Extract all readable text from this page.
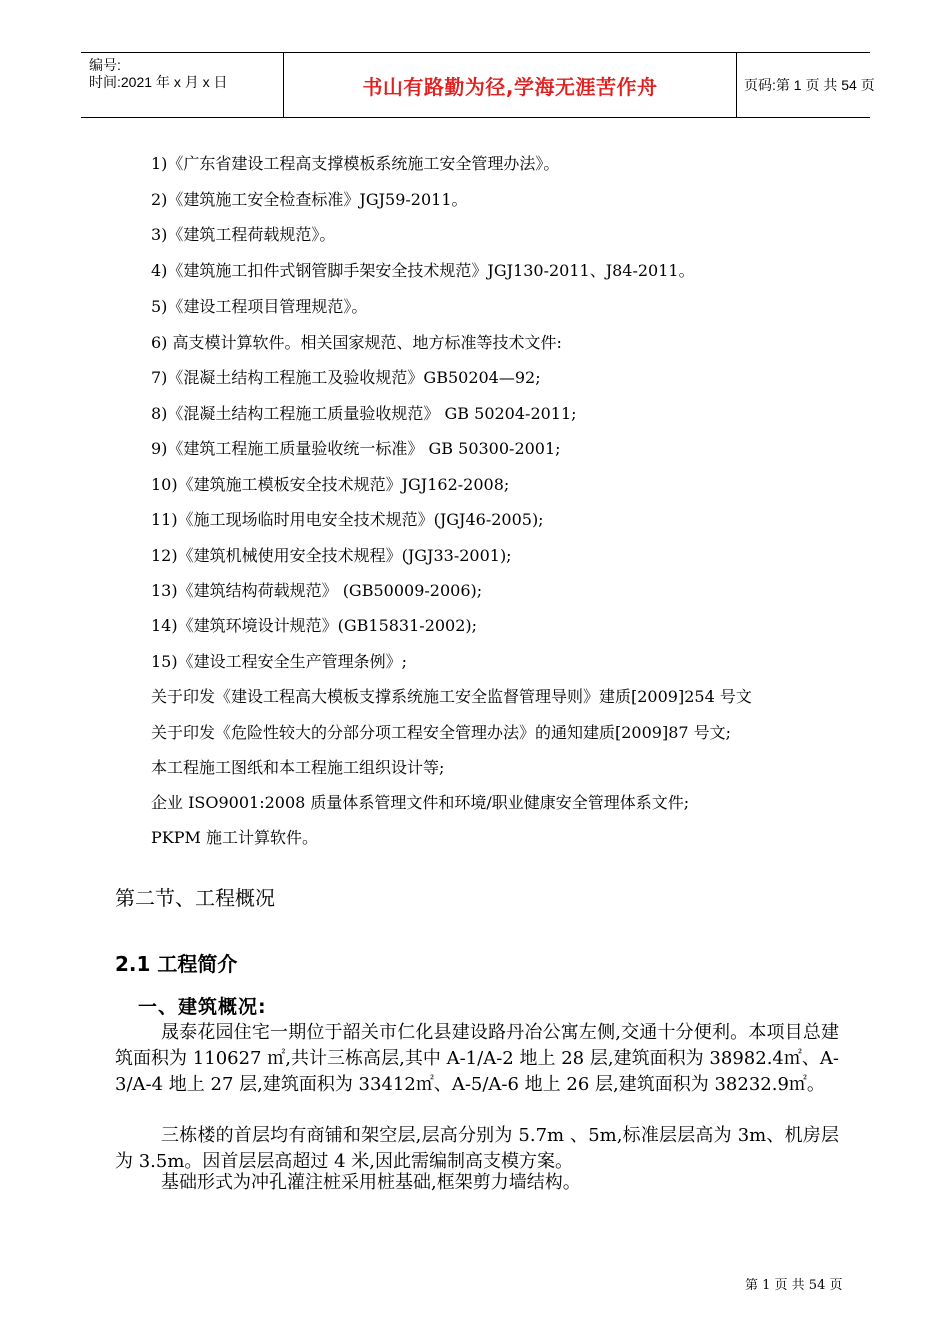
编号:
时间:2021 年 x 月 x 日	书山有路勤为径,学海无涯苦作舟	页码:第 1 页 共 54 页
1)《广东省建设工程高支撑模板系统施工安全管理办法》。
2)《建筑施工安全检查标准》JGJ59-2011。
3)《建筑工程荷载规范》。
4)《建筑施工扣件式钢管脚手架安全技术规范》JGJ130-2011、J84-2011。
5)《建设工程项目管理规范》。
6) 高支模计算软件。相关国家规范、地方标准等技术文件:
7)《混凝土结构工程施工及验收规范》GB50204—92;
8)《混凝土结构工程施工质量验收规范》 GB 50204-2011;
9)《建筑工程施工质量验收统一标准》 GB 50300-2001;
10)《建筑施工模板安全技术规范》JGJ162-2008;
11)《施工现场临时用电安全技术规范》(JGJ46-2005);
12)《建筑机械使用安全技术规程》(JGJ33-2001);
13)《建筑结构荷载规范》 (GB50009-2006);
14)《建筑环境设计规范》(GB15831-2002);
15)《建设工程安全生产管理条例》;
关于印发《建设工程高大模板支撑系统施工安全监督管理导则》建质[2009]254 号文
关于印发《危险性较大的分部分项工程安全管理办法》的通知建质[2009]87 号文;
本工程施工图纸和本工程施工组织设计等;
企业 ISO9001:2008 质量体系管理文件和环境/职业健康安全管理体系文件;
PKPM 施工计算软件。
第二节、工程概况
2.1 工程简介
一、建筑概况:
晟泰花园住宅一期位于韶关市仁化县建设路丹冶公寓左侧,交通十分便利。本项目总建筑面积为 110627 ㎡,共计三栋高层,其中 A-1/A-2 地上 28 层,建筑面积为 38982.4㎡、A-3/A-4 地上 27 层,建筑面积为 33412㎡、A-5/A-6 地上 26 层,建筑面积为 38232.9㎡。
三栋楼的首层均有商铺和架空层,层高分别为 5.7m 、5m,标准层层高为 3m、机房层为 3.5m。因首层层高超过 4 米,因此需编制高支模方案。
基础形式为冲孔灌注桩采用桩基础,框架剪力墙结构。
第 1 页 共 54 页
